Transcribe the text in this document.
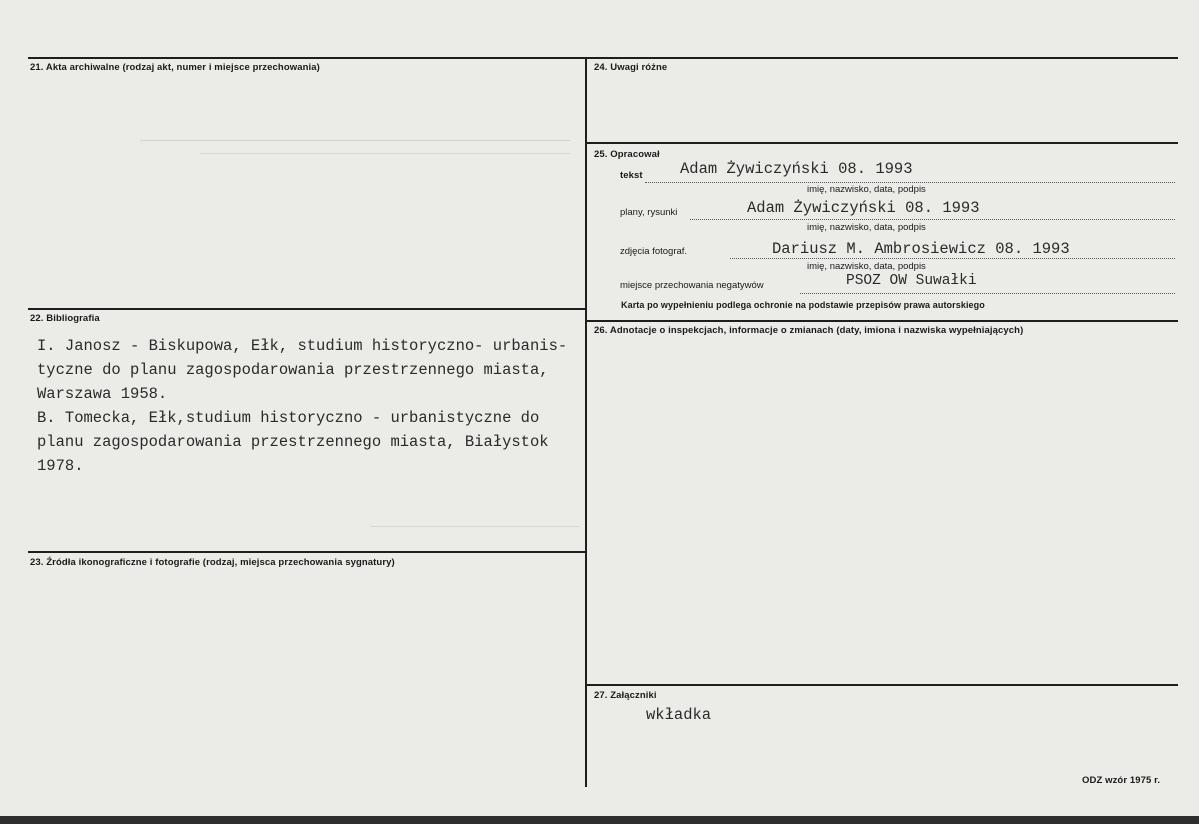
21. Akta archiwalne (rodzaj akt, numer i miejsce przechowania)
22. Bibliografia
I. Janosz - Biskupowa, Ełk, studium historyczno- urbanis-
tyczne do planu zagospodarowania przestrzennego miasta,
Warszawa 1958.
B. Tomecka, Ełk,studium historyczno - urbanistyczne do
planu zagospodarowania przestrzennego miasta, Białystok
1978.
23. Źródła ikonograficzne i fotografie (rodzaj, miejsca przechowania sygnatury)
24. Uwagi różne
25. Opracował
tekst Adam Żywiczyński 08. 1993
imię, nazwisko, data, podpis
plany, rysunki	Adam Żywiczyński 08. 1993
imię, nazwisko, data, podpis
zdjęcia fotograf.	Dariusz M. Ambrosiewicz 08. 1993
imię, nazwisko, data, podpis
miejsce przechowania negatywów	PSOZ OW Suwałki
Karta po wypełnieniu podlega ochronie na podstawie przepisów prawa autorskiego
26. Adnotacje o inspekcjach, informacje o zmianach (daty, imiona i nazwiska wypełniających)
27. Załączniki
wkładka
ODZ wzór 1975 r.
